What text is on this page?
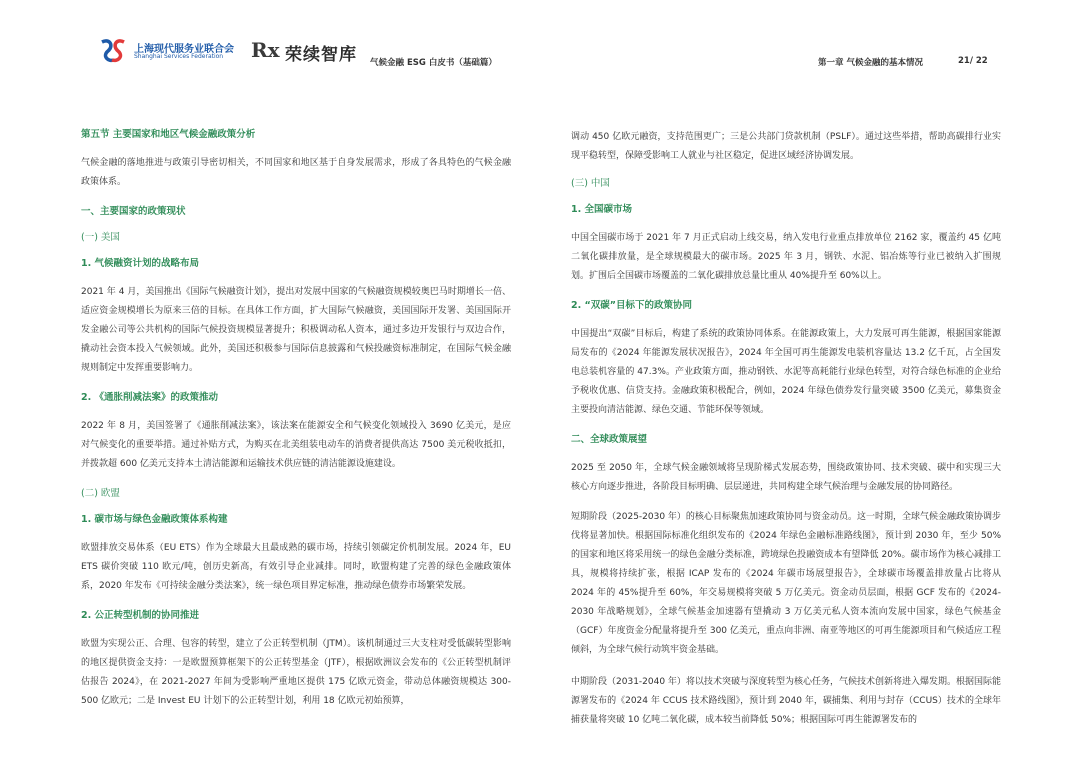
上海现代服务业联合会
Shanghai Services Federation Rx 荣续智库 气候金融 ESG 白皮书（基础篇）	第一章 气候金融的基本情况	21/ 22
第五节 主要国家和地区气候金融政策分析
气候金融的落地推进与政策引导密切相关，不同国家和地区基于自身发展需求，形成了各具特色的气候金融政策体系。
一、主要国家的政策现状
(一) 美国
1. 气候融资计划的战略布局
2021 年 4 月，美国推出《国际气候融资计划》，提出对发展中国家的气候融资规模较奥巴马时期增长一倍、适应资金规模增长为原来三倍的目标。在具体工作方面，扩大国际气候融资，美国国际开发署、美国国际开发金融公司等公共机构的国际气候投资规模显著提升；积极调动私人资本，通过多边开发银行与双边合作，撬动社会资本投入气候领域。此外，美国还积极参与国际信息披露和气候投融资标准制定，在国际气候金融规则制定中发挥重要影响力。
2. 《通胀削减法案》的政策推动
2022 年 8 月，美国签署了《通胀削减法案》，该法案在能源安全和气候变化领域投入 3690 亿美元，是应对气候变化的重要举措。通过补贴方式，为购买在北美组装电动车的消费者提供高达 7500 美元税收抵扣，并拨款超 600 亿美元支持本土清洁能源和运输技术供应链的清洁能源设施建设。
(二) 欧盟
1. 碳市场与绿色金融政策体系构建
欧盟排放交易体系（EU ETS）作为全球最大且最成熟的碳市场，持续引领碳定价机制发展。2024 年，EU ETS 碳价突破 110 欧元/吨，创历史新高，有效引导企业减排。同时，欧盟构建了完善的绿色金融政策体系，2020 年发布《可持续金融分类法案》，统一绿色项目界定标准，推动绿色债券市场繁荣发展。
2. 公正转型机制的协同推进
欧盟为实现公正、合理、包容的转型，建立了公正转型机制（JTM）。该机制通过三大支柱对受低碳转型影响的地区提供资金支持：一是欧盟预算框架下的公正转型基金（JTF），根据欧洲议会发布的《公正转型机制评估报告 2024》，在 2021-2027 年间为受影响严重地区提供 175 亿欧元资金，带动总体融资规模达 300-500 亿欧元；二是 Invest EU 计划下的公正转型计划，利用 18 亿欧元初始预算，
调动 450 亿欧元融资，支持范围更广；三是公共部门贷款机制（PSLF）。通过这些举措，帮助高碳排行业实现平稳转型，保障受影响工人就业与社区稳定，促进区域经济协调发展。
(三) 中国
1. 全国碳市场
中国全国碳市场于 2021 年 7 月正式启动上线交易，纳入发电行业重点排放单位 2162 家，覆盖约 45 亿吨二氧化碳排放量，是全球规模最大的碳市场。2025 年 3 月，钢铁、水泥、铝冶炼等行业已被纳入扩围规划。扩围后全国碳市场覆盖的二氧化碳排放总量比重从 40%提升至 60%以上。
2. “双碳”目标下的政策协同
中国提出“双碳”目标后，构建了系统的政策协同体系。在能源政策上，大力发展可再生能源，根据国家能源局发布的《2024 年能源发展状况报告》，2024 年全国可再生能源发电装机容量达 13.2 亿千瓦，占全国发电总装机容量的 47.3%。产业政策方面，推动钢铁、水泥等高耗能行业绿色转型，对符合绿色标准的企业给予税收优惠、信贷支持。金融政策积极配合，例如，2024 年绿色债券发行量突破 3500 亿美元，募集资金主要投向清洁能源、绿色交通、节能环保等领域。
二、全球政策展望
2025 至 2050 年，全球气候金融领域将呈现阶梯式发展态势，围绕政策协同、技术突破、碳中和实现三大核心方向逐步推进，各阶段目标明确、层层递进，共同构建全球气候治理与金融发展的协同路径。
短期阶段（2025-2030 年）的核心目标聚焦加速政策协同与资金动员。这一时期，全球气候金融政策协调步伐将显著加快。根据国际标准化组织发布的《2024 年绿色金融标准路线图》，预计到 2030 年，至少 50%的国家和地区将采用统一的绿色金融分类标准，跨境绿色投融资成本有望降低 20%。碳市场作为核心减排工具，规模将持续扩张，根据 ICAP 发布的《2024 年碳市场展望报告》，全球碳市场覆盖排放量占比将从 2024 年的 45%提升至 60%，年交易规模将突破 5 万亿美元。资金动员层面，根据 GCF 发布的《2024-2030 年战略规划》，全球气候基金加速器有望撬动 3 万亿美元私人资本流向发展中国家，绿色气候基金（GCF）年度资金分配量将提升至 300 亿美元，重点向非洲、南亚等地区的可再生能源项目和气候适应工程倾斜，为全球气候行动筑牢资金基础。
中期阶段（2031-2040 年）将以技术突破与深度转型为核心任务，气候技术创新将进入爆发期。根据国际能源署发布的《2024 年 CCUS 技术路线图》，预计到 2040 年，碳捕集、利用与封存（CCUS）技术的全球年捕获量将突破 10 亿吨二氧化碳，成本较当前降低 50%；根据国际可再生能源署发布的
